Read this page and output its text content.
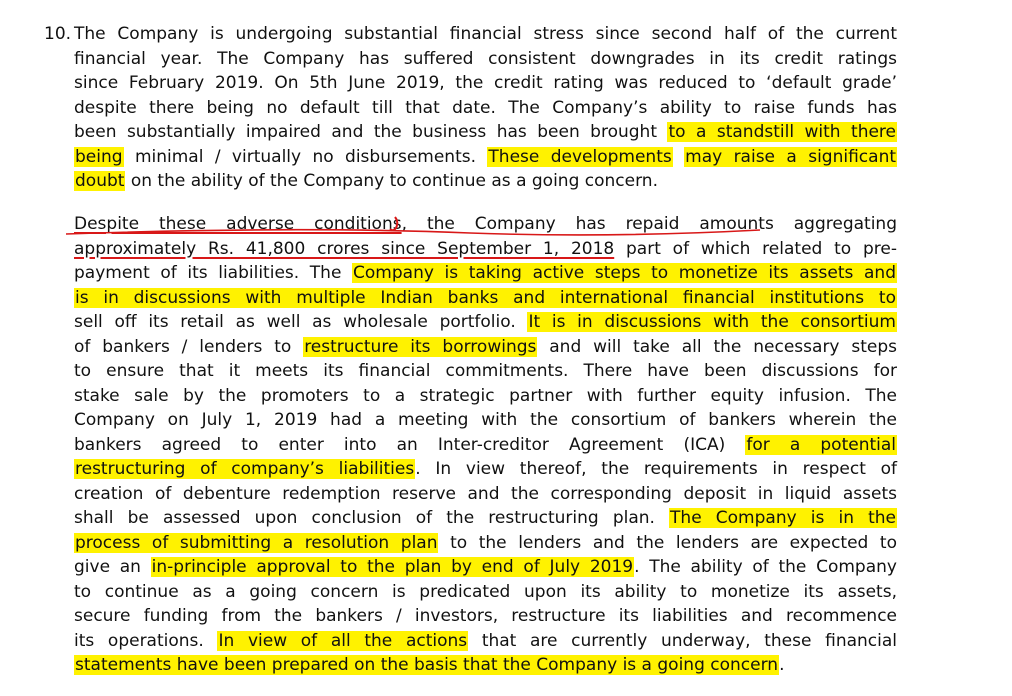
10. The Company is undergoing substantial financial stress since second half of the current
financial year. The Company has suffered consistent downgrades in its credit ratings
since February 2019. On 5th June 2019, the credit rating was reduced to ‘default grade’
despite there being no default till that date. The Company’s ability to raise funds has
been substantially impaired and the business has been brought to a standstill with there
being minimal / virtually no disbursements. These developments may raise a significant
doubt on the ability of the Company to continue as a going concern.
Despite these adverse conditions, the Company has repaid amounts aggregating
approximately Rs. 41,800 crores since September 1, 2018 part of which related to pre-
payment of its liabilities. The Company is taking active steps to monetize its assets and
is in discussions with multiple Indian banks and international financial institutions to
sell off its retail as well as wholesale portfolio. It is in discussions with the consortium
of bankers / lenders to restructure its borrowings and will take all the necessary steps
to ensure that it meets its financial commitments. There have been discussions for
stake sale by the promoters to a strategic partner with further equity infusion. The
Company on July 1, 2019 had a meeting with the consortium of bankers wherein the
bankers agreed to enter into an Inter-creditor Agreement (ICA) for a potential
restructuring of company’s liabilities. In view thereof, the requirements in respect of
creation of debenture redemption reserve and the corresponding deposit in liquid assets
shall be assessed upon conclusion of the restructuring plan. The Company is in the
process of submitting a resolution plan to the lenders and the lenders are expected to
give an in-principle approval to the plan by end of July 2019. The ability of the Company
to continue as a going concern is predicated upon its ability to monetize its assets,
secure funding from the bankers / investors, restructure its liabilities and recommence
its operations. In view of all the actions that are currently underway, these financial
statements have been prepared on the basis that the Company is a going concern.
